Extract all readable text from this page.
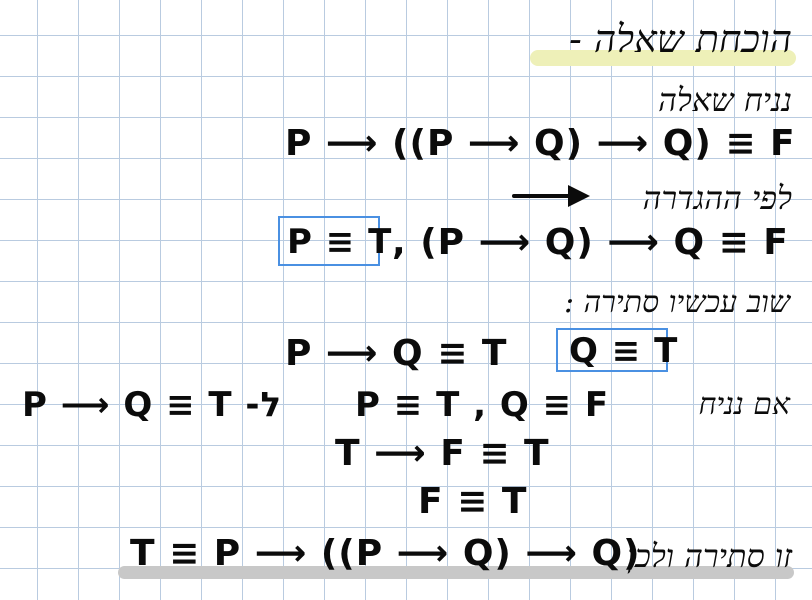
הוכחת שאלה -
נניח שאלה
P ⟶ ((P ⟶ Q) ⟶ Q) ≡ F
לפי ההגדרה
P ≡ T , (P ⟶ Q) ⟶ Q ≡ F
שוב עכשיו סתירה :
P ⟶ Q ≡ T Q ≡ T
P ⟶ Q ≡ T -ל P ≡ T , Q ≡ F	אם נניח
T ⟶ F ≡ T
F ≡ T
T ≡ P ⟶ ((P ⟶ Q) ⟶ Q)
זו סתירה ולכן
